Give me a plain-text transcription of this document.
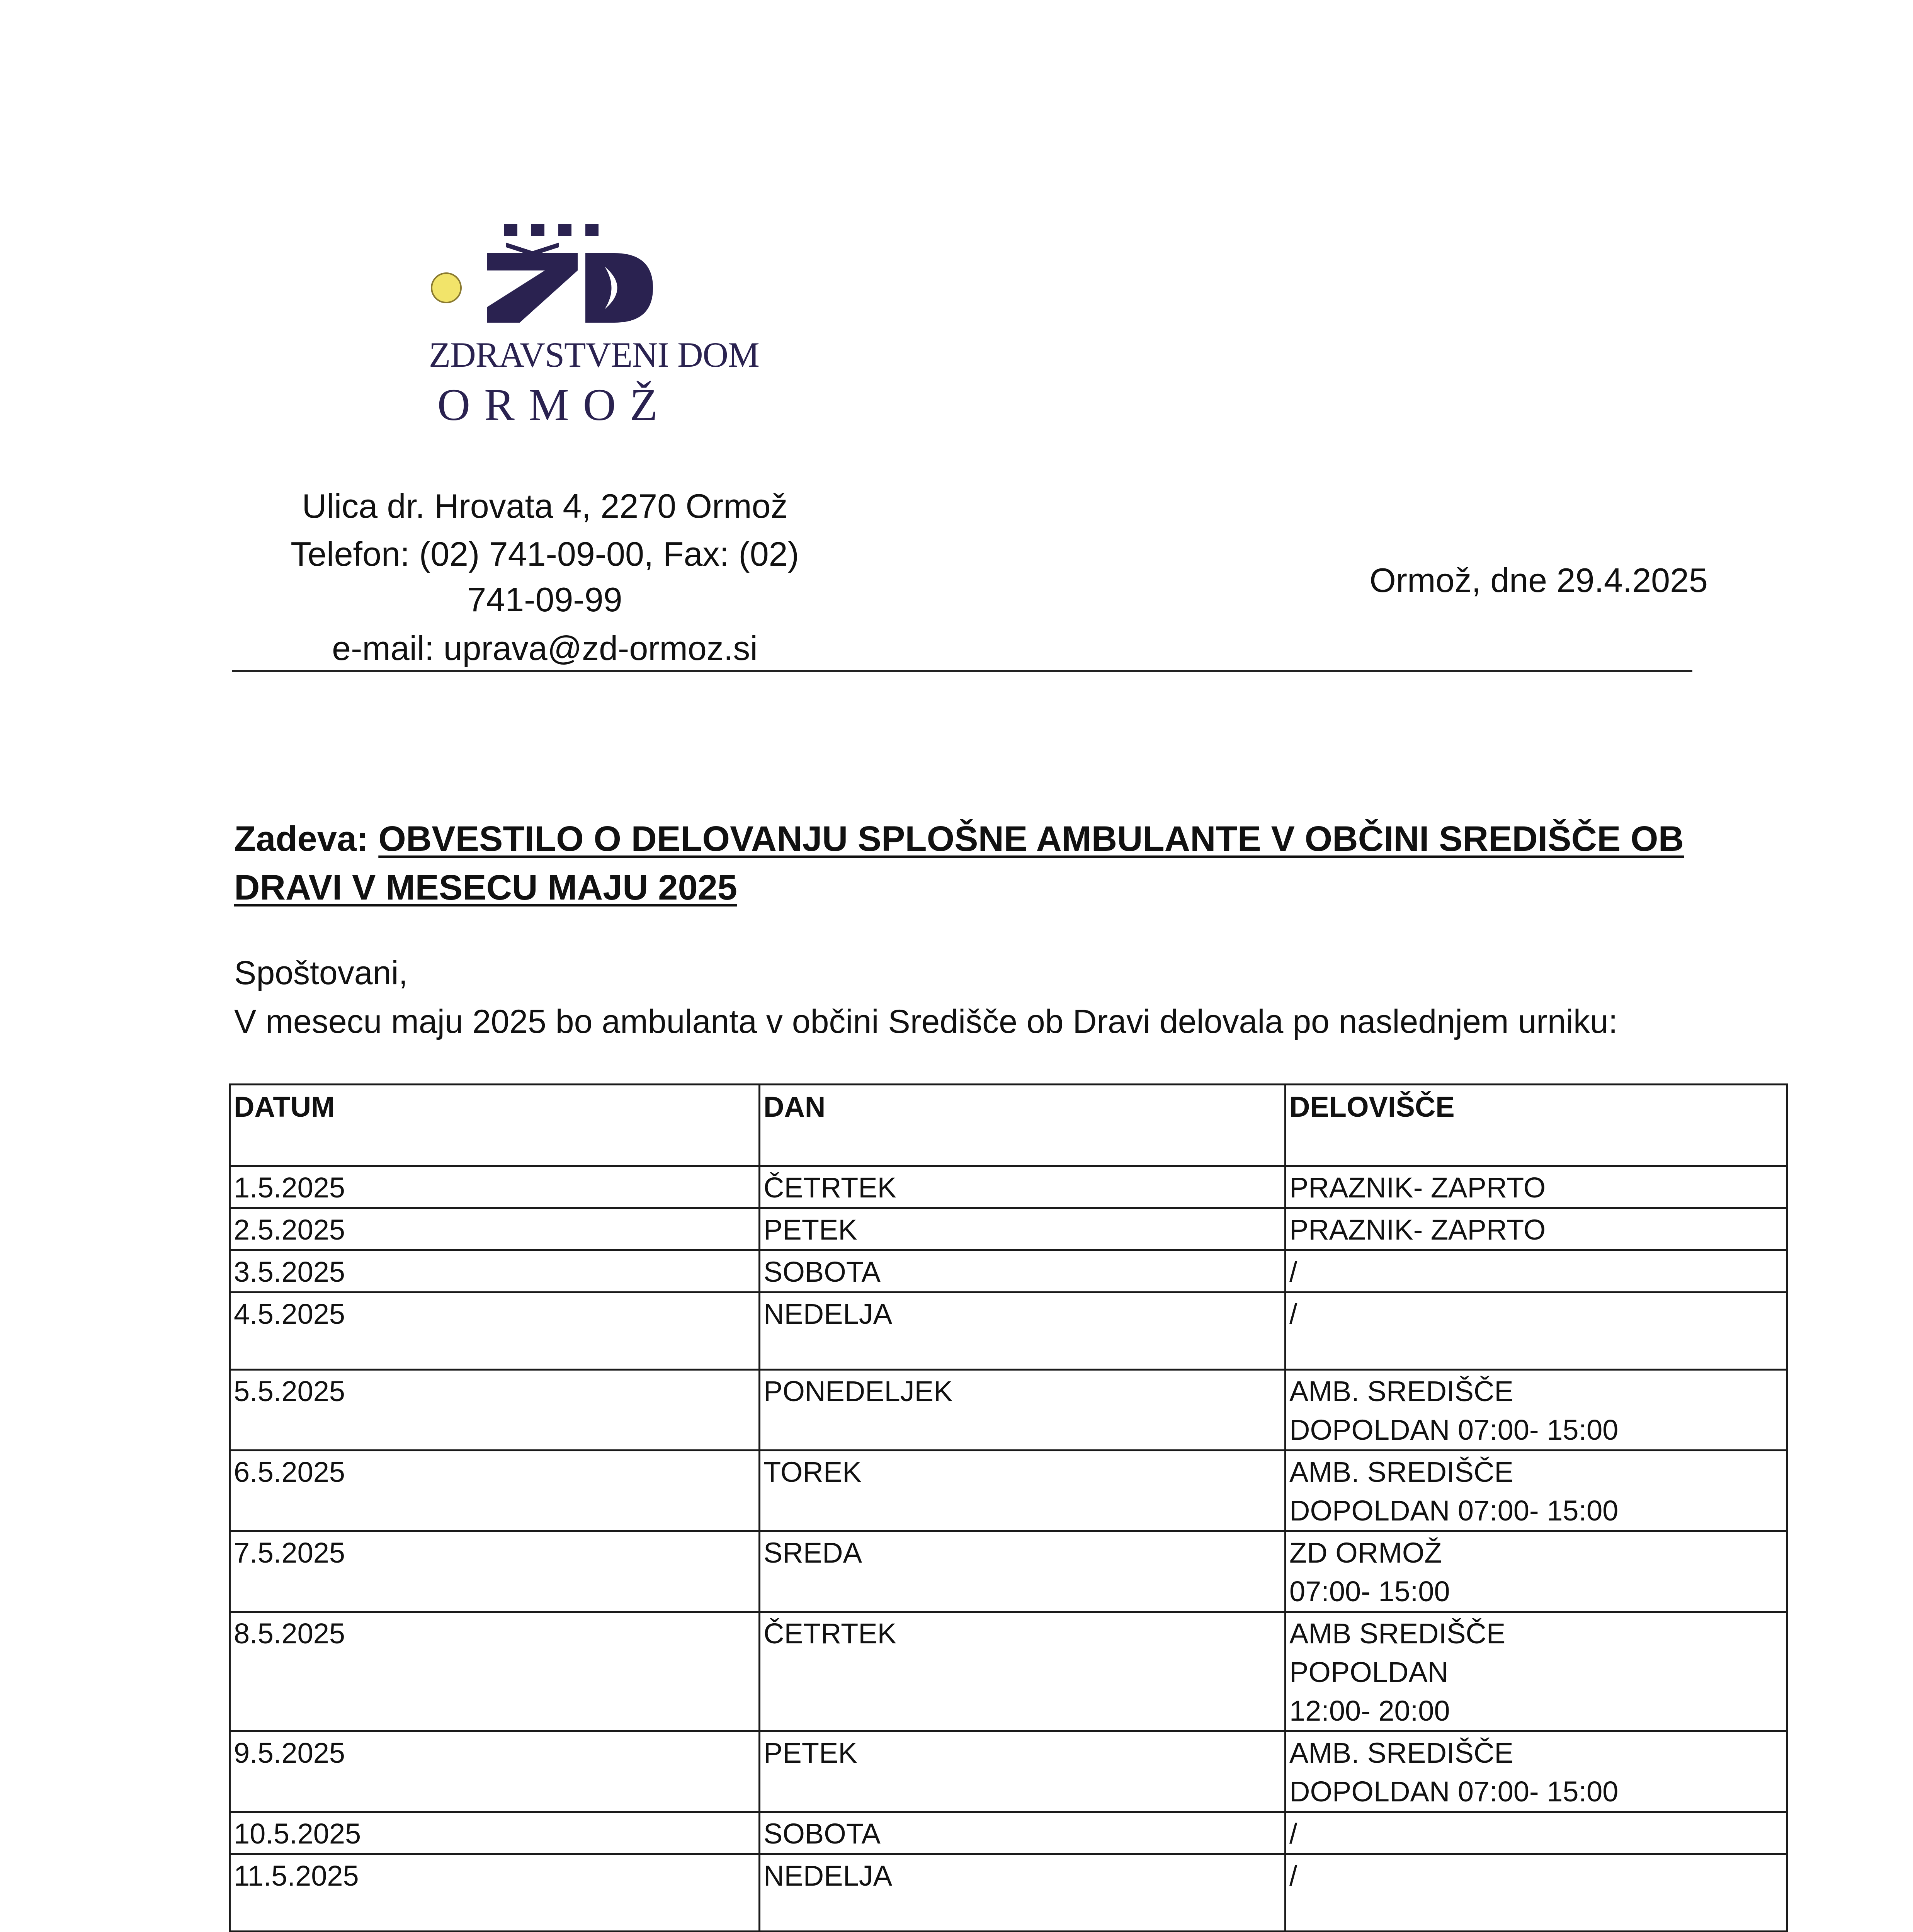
ZDRAVSTVENI DOM
ORMOŽ
Ulica dr. Hrovata 4, 2270 Ormož
Telefon: (02) 741-09-00, Fax: (02)
741-09-99
e-mail: uprava@zd-ormoz.si
Ormož, dne 29.4.2025
Zadeva: OBVESTILO O DELOVANJU SPLOŠNE AMBULANTE V OBČINI SREDIŠČE OB DRAVI V MESECU MAJU 2025
Spoštovani,
V mesecu maju 2025 bo ambulanta v občini Središče ob Dravi delovala po naslednjem urniku:
DATUM	DAN	DELOVIŠČE
1.5.2025	ČETRTEK	PRAZNIK- ZAPRTO

2.5.2025	PETEK	PRAZNIK- ZAPRTO

3.5.2025	SOBOTA	/

4.5.2025	NEDELJA	/

5.5.2025	PONEDELJEK	AMB. SREDIŠČE
DOPOLDAN 07:00- 15:00

6.5.2025	TOREK	AMB. SREDIŠČE
DOPOLDAN 07:00- 15:00

7.5.2025	SREDA	ZD ORMOŽ
07:00- 15:00

8.5.2025	ČETRTEK	AMB SREDIŠČE
POPOLDAN
12:00- 20:00

9.5.2025	PETEK	AMB. SREDIŠČE
DOPOLDAN 07:00- 15:00

10.5.2025	SOBOTA	/

11.5.2025	NEDELJA	/
